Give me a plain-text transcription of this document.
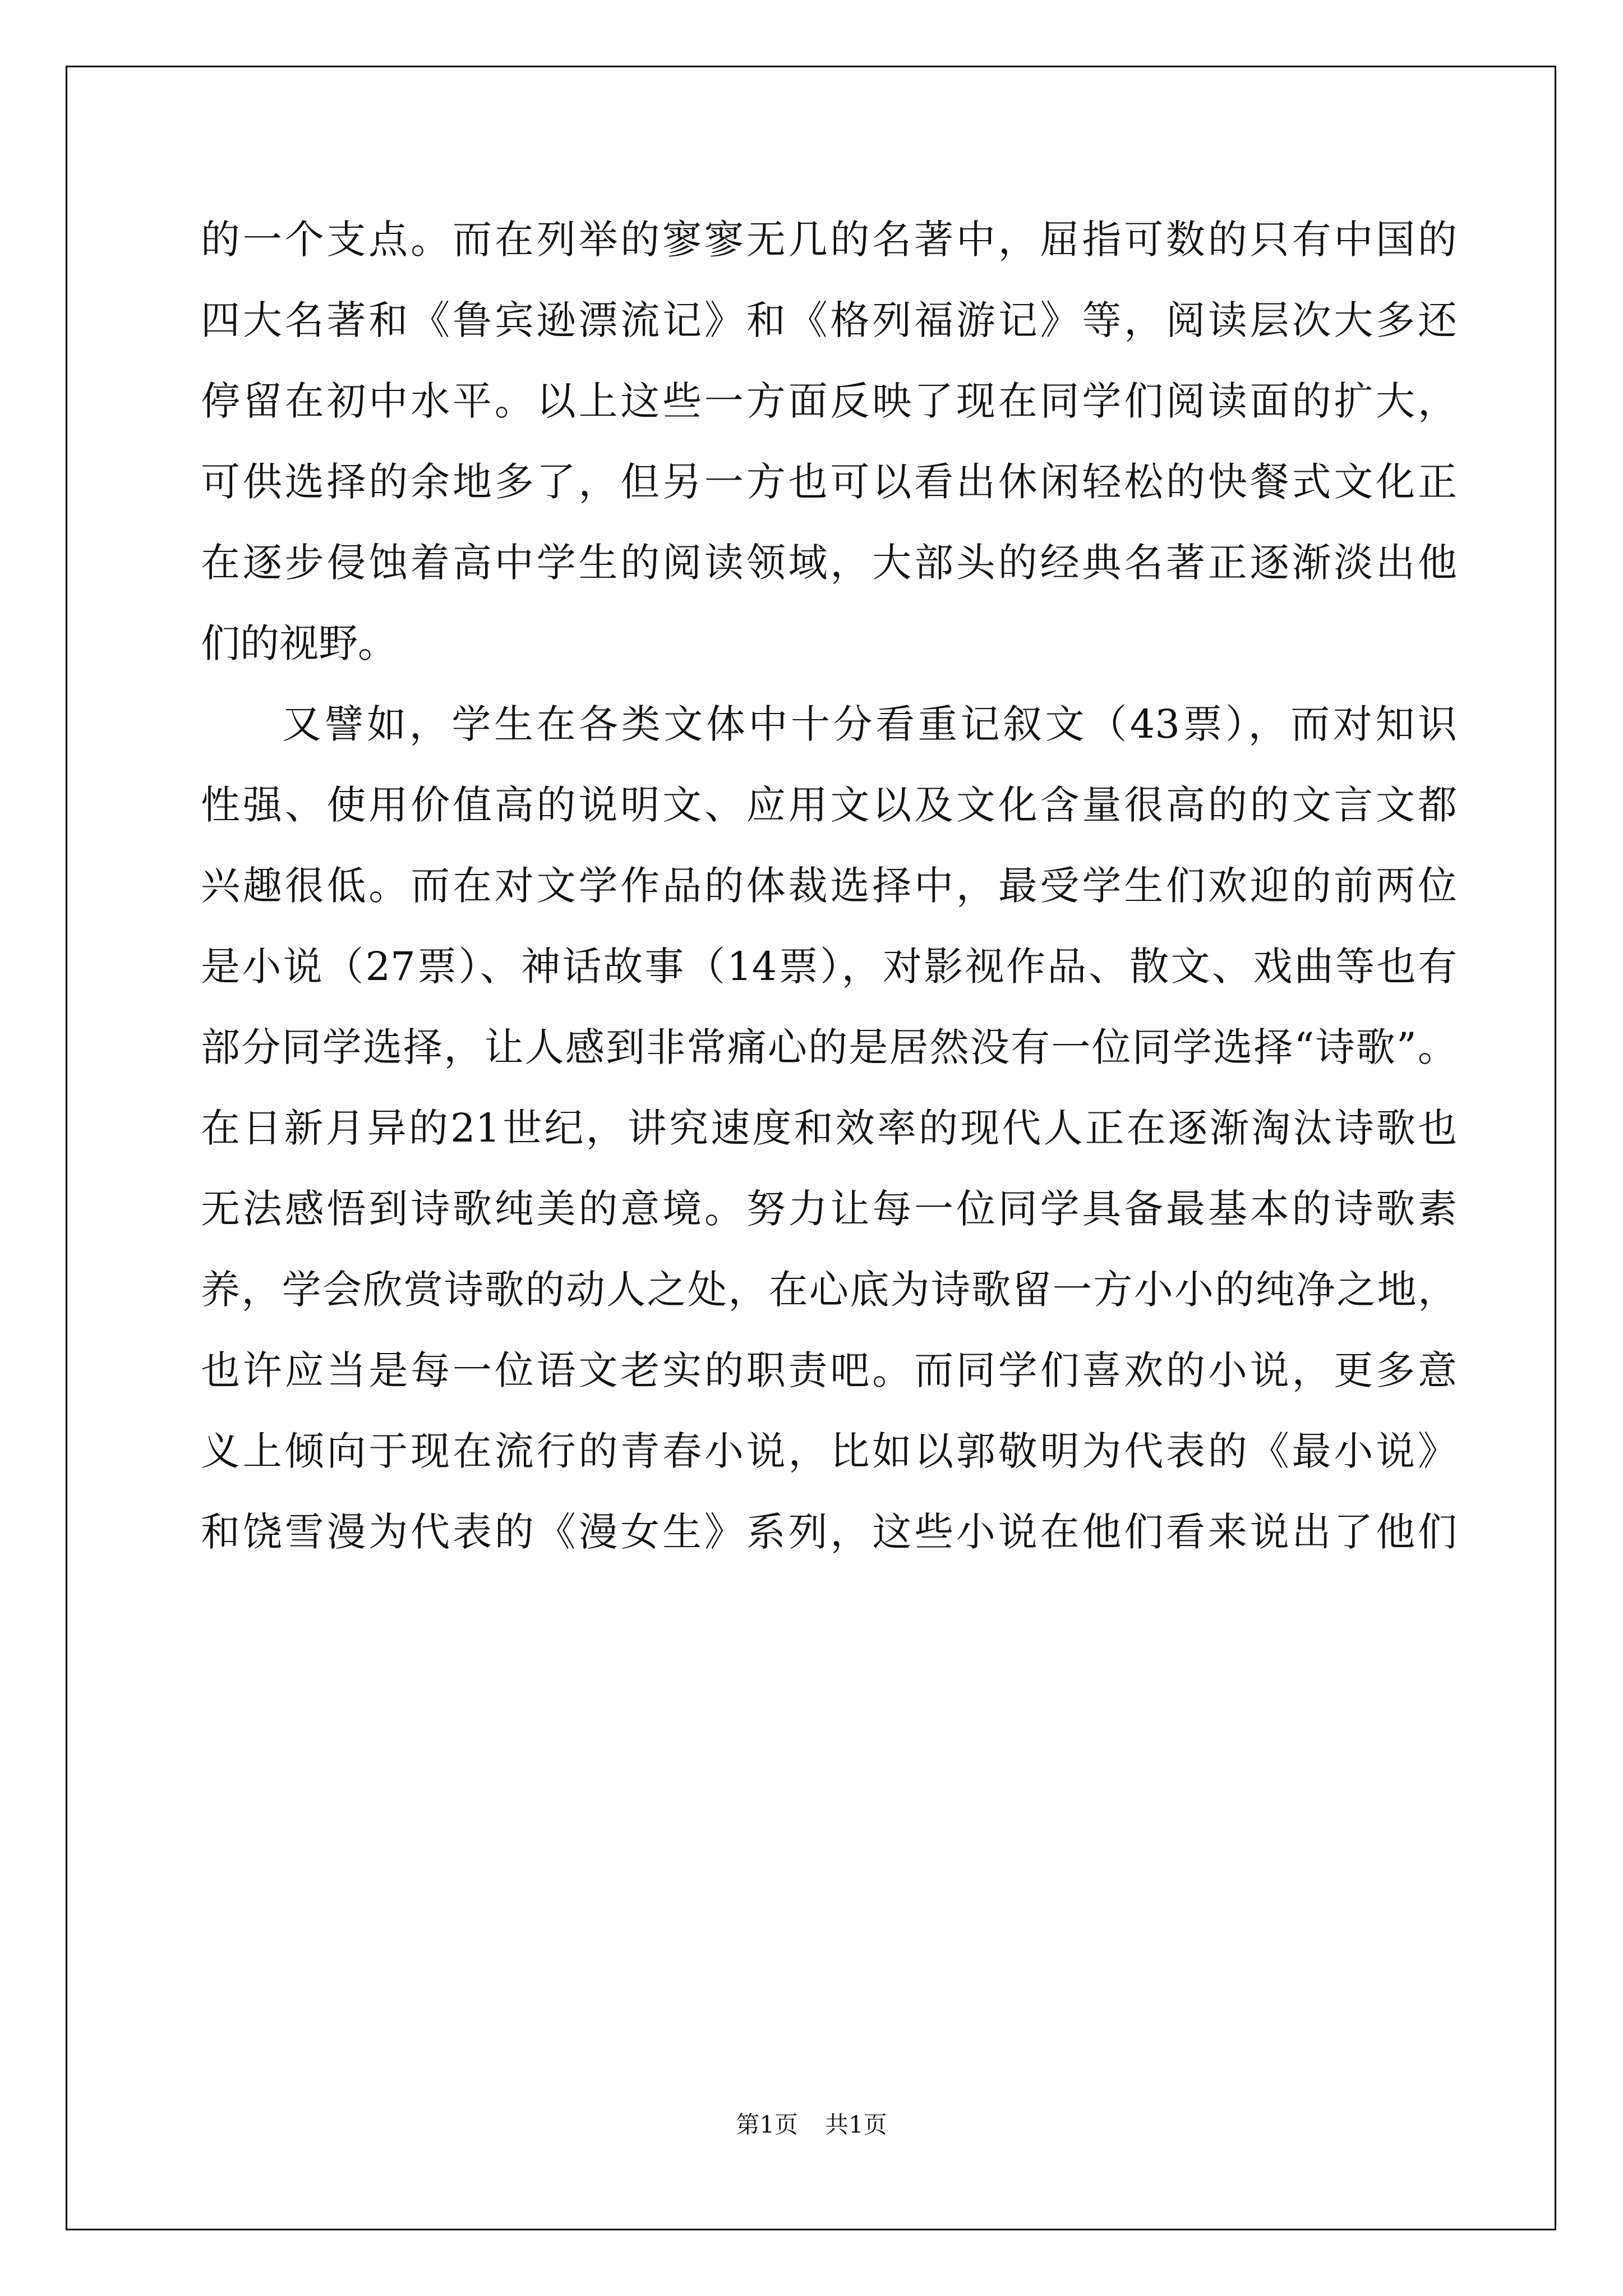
的一个支点。而在列举的寥寥无几的名著中，屈指可数的只有中国的
四大名著和《鲁宾逊漂流记》和《格列福游记》等，阅读层次大多还
停留在初中水平。以上这些一方面反映了现在同学们阅读面的扩大，
可供选择的余地多了，但另一方也可以看出休闲轻松的快餐式文化正
在逐步侵蚀着高中学生的阅读领域，大部头的经典名著正逐渐淡出他
们的视野。
又譬如，学生在各类文体中十分看重记叙文（43票），而对知识
性强、使用价值高的说明文、应用文以及文化含量很高的的文言文都
兴趣很低。而在对文学作品的体裁选择中，最受学生们欢迎的前两位
是小说（27票）、神话故事（14票），对影视作品、散文、戏曲等也有
部分同学选择，让人感到非常痛心的是居然没有一位同学选择“诗歌”。
在日新月异的21世纪，讲究速度和效率的现代人正在逐渐淘汰诗歌也
无法感悟到诗歌纯美的意境。努力让每一位同学具备最基本的诗歌素
养，学会欣赏诗歌的动人之处，在心底为诗歌留一方小小的纯净之地，
也许应当是每一位语文老实的职责吧。而同学们喜欢的小说，更多意
义上倾向于现在流行的青春小说，比如以郭敬明为代表的《最小说》
和饶雪漫为代表的《漫女生》系列，这些小说在他们看来说出了他们
第1页 共1页
